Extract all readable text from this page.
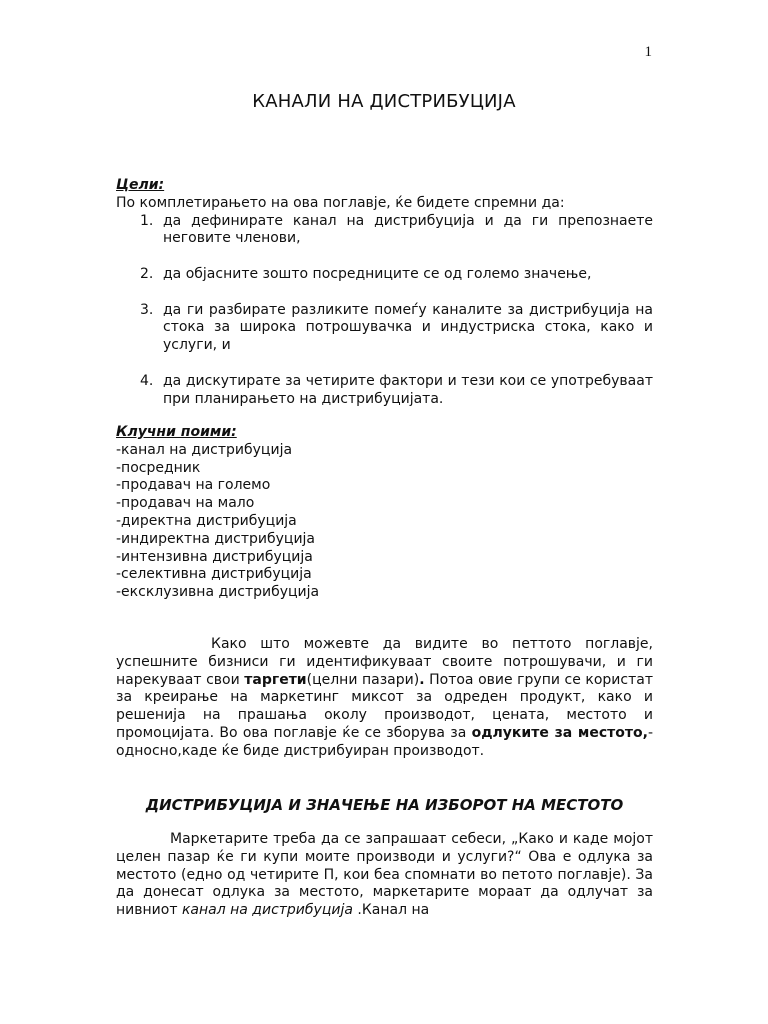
1
КАНАЛИ НА ДИСТРИБУЦИЈА
Цели:
По комплетирањето на ова поглавје, ќе бидете спремни да:
1. да дефинирате канал на дистрибуција и да ги препознаете неговите членови,
2. да објасните зошто посредниците се од големо значење,
3. да ги разбирате разликите помеѓу каналите за дистрибуција на стока за широка потрошувачка и индустриска стока, како и услуги, и
4. да дискутирате за четирите фактори и тези кои се употребуваат при планирањето на дистрибуцијата.
Клучни поими:
-канал на дистрибуција
-посредник
-продавач на големо
-продавач на мало
-директна дистрибуција
-индиректна дистрибуција
-интензивна дистрибуција
-селективна дистрибуција
-ексклузивна дистрибуција
Како што можевте да видите во петтото поглавје, успешните бизниси ги идентификуваат своите потрошувачи, и ги нарекуваат свои таргети(целни пазари). Потоа овие групи се користат за креирање на маркетинг миксот за одреден продукт, како и решенија на прашања околу производот, цената, местото и промоцијата. Во ова поглавје ќе се зборува за одлуките за местото,-односно,каде ќе биде дистрибуиран производот.
ДИСТРИБУЦИЈА И ЗНАЧЕЊЕ НА ИЗБОРОТ НА МЕСТОТО
Маркетарите треба да се запрашаат себеси, „Како и каде мојот целен пазар ќе ги купи моите производи и услуги?“ Ова е одлука за местото (едно од четирите П, кои беа спомнати во петото поглавје). За да донесат одлука за местото, маркетарите мораат да одлучат за нивниот канал на дистрибуција .Канал на
